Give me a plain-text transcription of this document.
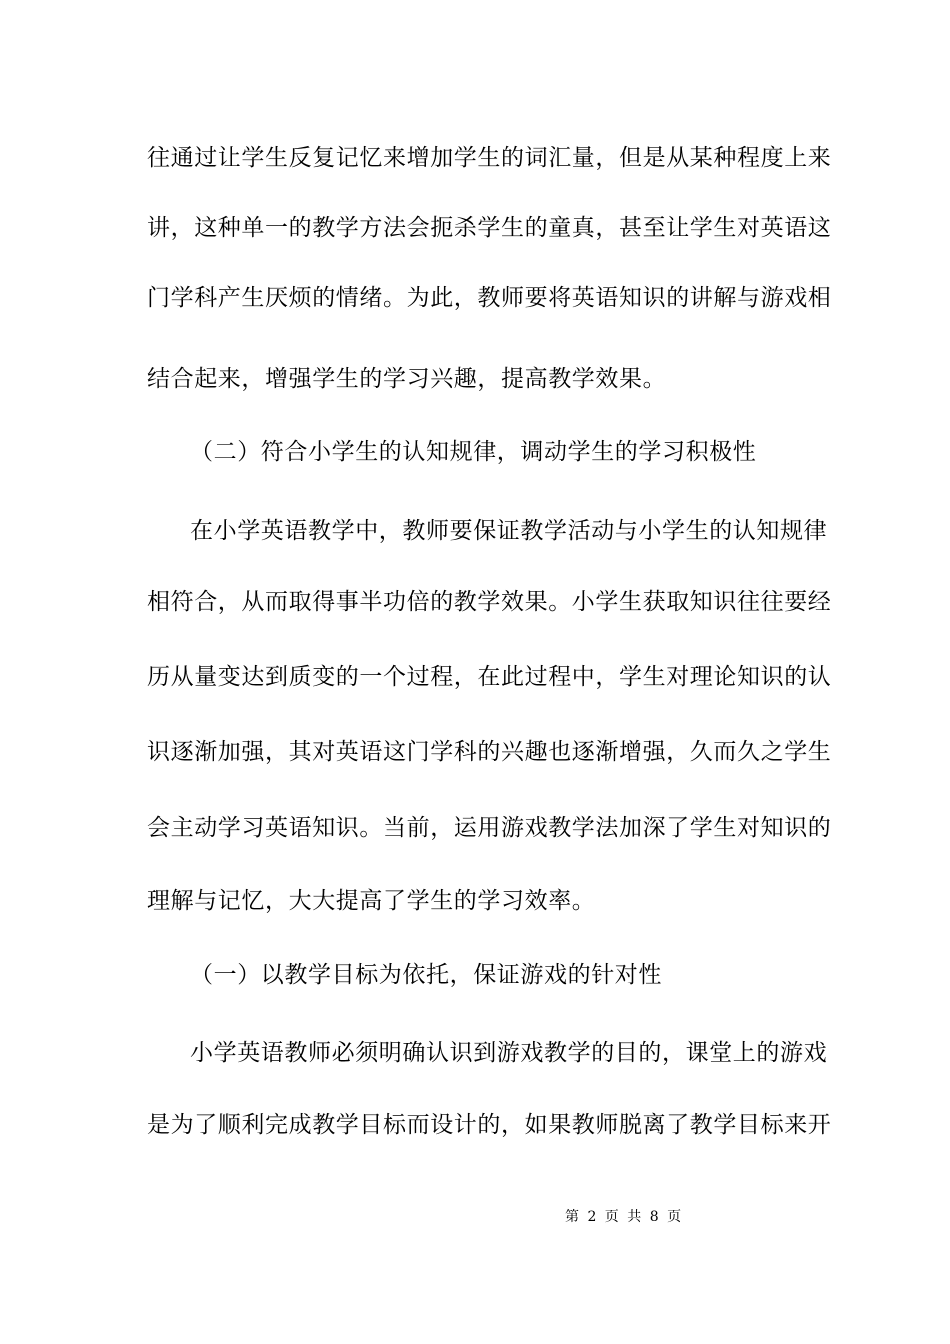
往通过让学生反复记忆来增加学生的词汇量，但是从某种程度上来
讲，这种单一的教学方法会扼杀学生的童真，甚至让学生对英语这
门学科产生厌烦的情绪。为此，教师要将英语知识的讲解与游戏相
结合起来，增强学生的学习兴趣，提高教学效果。
（二）符合小学生的认知规律，调动学生的学习积极性
在小学英语教学中，教师要保证教学活动与小学生的认知规律
相符合，从而取得事半功倍的教学效果。小学生获取知识往往要经
历从量变达到质变的一个过程，在此过程中，学生对理论知识的认
识逐渐加强，其对英语这门学科的兴趣也逐渐增强，久而久之学生
会主动学习英语知识。当前，运用游戏教学法加深了学生对知识的
理解与记忆，大大提高了学生的学习效率。
（一）以教学目标为依托，保证游戏的针对性
小学英语教师必须明确认识到游戏教学的目的，课堂上的游戏
是为了顺利完成教学目标而设计的，如果教师脱离了教学目标来开
第 2 页 共 8 页
